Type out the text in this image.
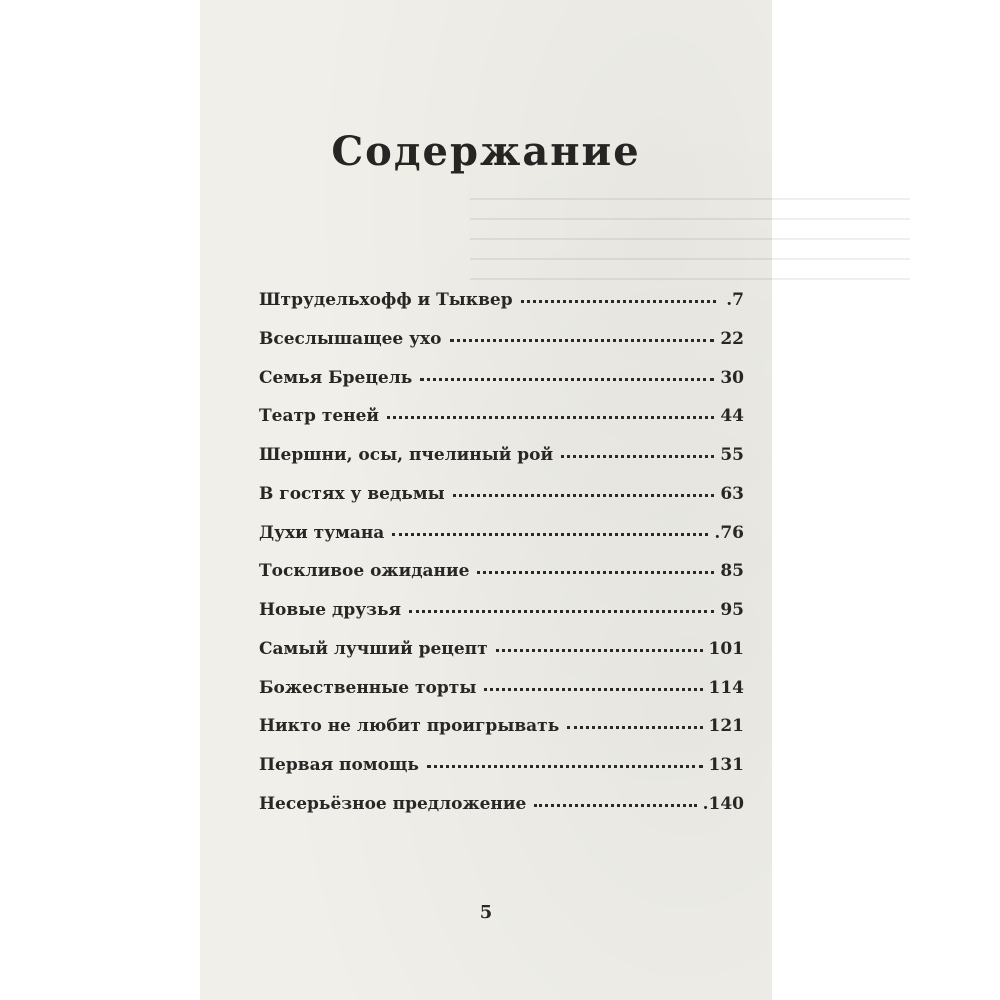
Содержание
Штрудельхофф и Тыквер	.7
Всеслышащее ухо	22
Семья Брецель	30
Театр теней	44
Шершни, осы, пчелиный рой	55
В гостях у ведьмы	63
Духи тумана	.76
Тоскливое ожидание	85
Новые друзья	95
Самый лучший рецепт	101
Божественные торты	114
Никто не любит проигрывать	121
Первая помощь	131
Несерьёзное предложение	.140
5
